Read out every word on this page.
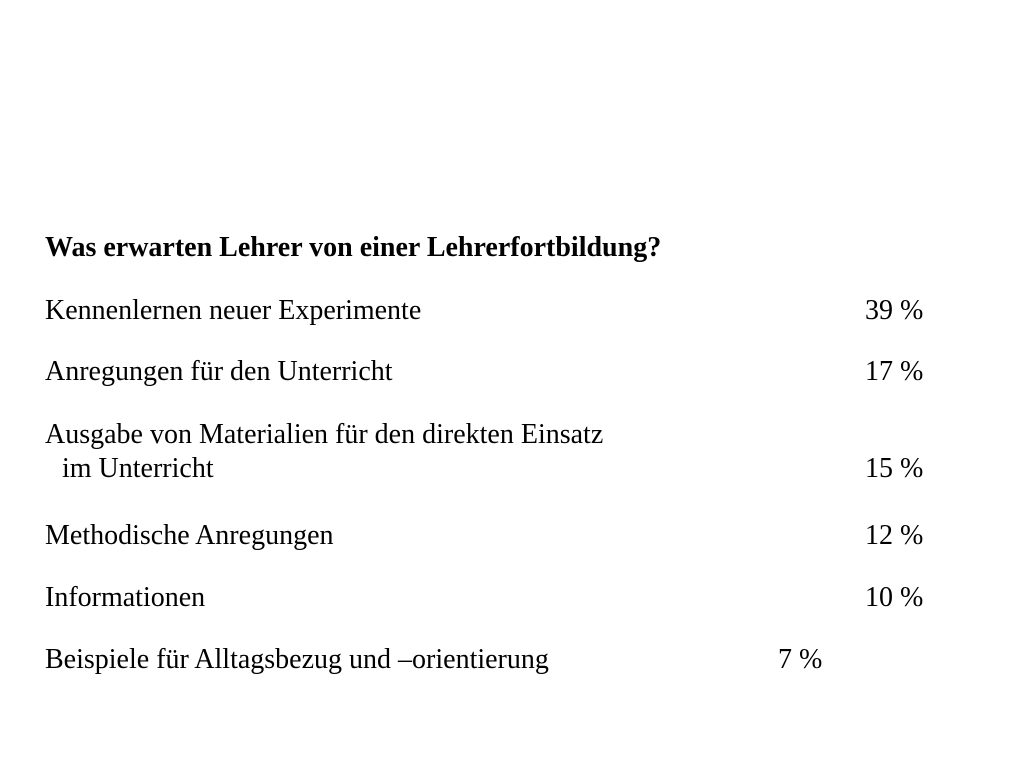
Was erwarten Lehrer von einer Lehrerfortbildung?
Kennenlernen neuer Experimente	39 %
Anregungen für den Unterricht	17 %
Ausgabe von Materialien für den direkten Einsatz
im Unterricht	15 %
Methodische Anregungen	12 %
Informationen	10 %
Beispiele für Alltagsbezug und –orientierung	7 %
